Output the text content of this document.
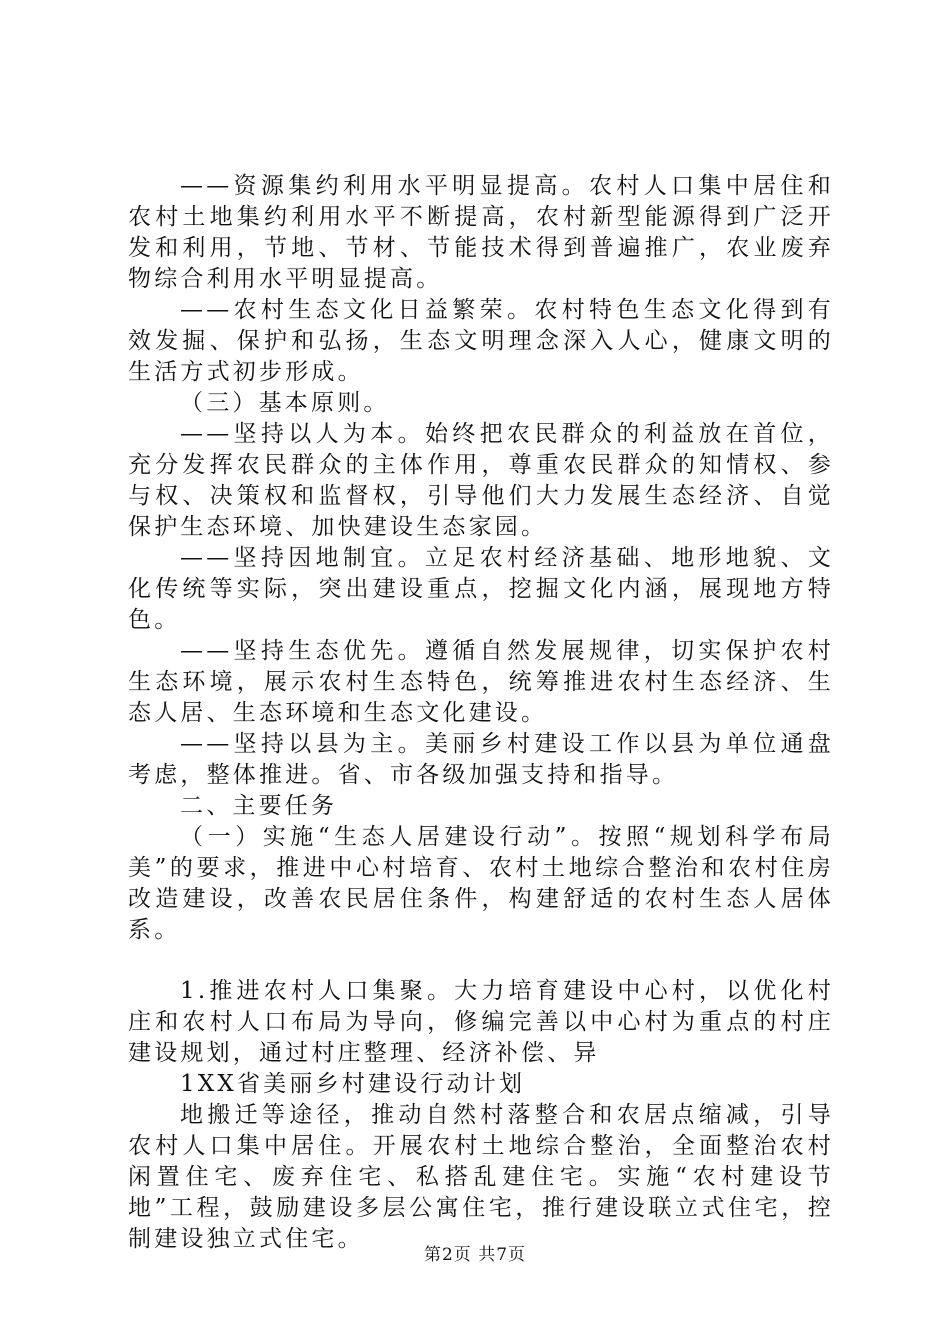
——资源集约利用水平明显提高。农村人口集中居住和农村土地集约利用水平不断提高，农村新型能源得到广泛开发和利用，节地、节材、节能技术得到普遍推广，农业废弃物综合利用水平明显提高。

——农村生态文化日益繁荣。农村特色生态文化得到有效发掘、保护和弘扬，生态文明理念深入人心，健康文明的生活方式初步形成。

（三）基本原则。

——坚持以人为本。始终把农民群众的利益放在首位，充分发挥农民群众的主体作用，尊重农民群众的知情权、参与权、决策权和监督权，引导他们大力发展生态经济、自觉保护生态环境、加快建设生态家园。

——坚持因地制宜。立足农村经济基础、地形地貌、文化传统等实际，突出建设重点，挖掘文化内涵，展现地方特色。

——坚持生态优先。遵循自然发展规律，切实保护农村生态环境，展示农村生态特色，统筹推进农村生态经济、生态人居、生态环境和生态文化建设。

——坚持以县为主。美丽乡村建设工作以县为单位通盘考虑，整体推进。省、市各级加强支持和指导。

二、主要任务

（一）实施“生态人居建设行动”。按照“规划科学布局美”的要求，推进中心村培育、农村土地综合整治和农村住房改造建设，改善农民居住条件，构建舒适的农村生态人居体系。

1.推进农村人口集聚。大力培育建设中心村，以优化村庄和农村人口布局为导向，修编完善以中心村为重点的村庄建设规划，通过村庄整理、经济补偿、异

1XX省美丽乡村建设行动计划

地搬迁等途径，推动自然村落整合和农居点缩减，引导农村人口集中居住。开展农村土地综合整治，全面整治农村闲置住宅、废弃住宅、私搭乱建住宅。实施“农村建设节地”工程，鼓励建设多层公寓住宅，推行建设联立式住宅，控制建设独立式住宅。

第2页 共7页
